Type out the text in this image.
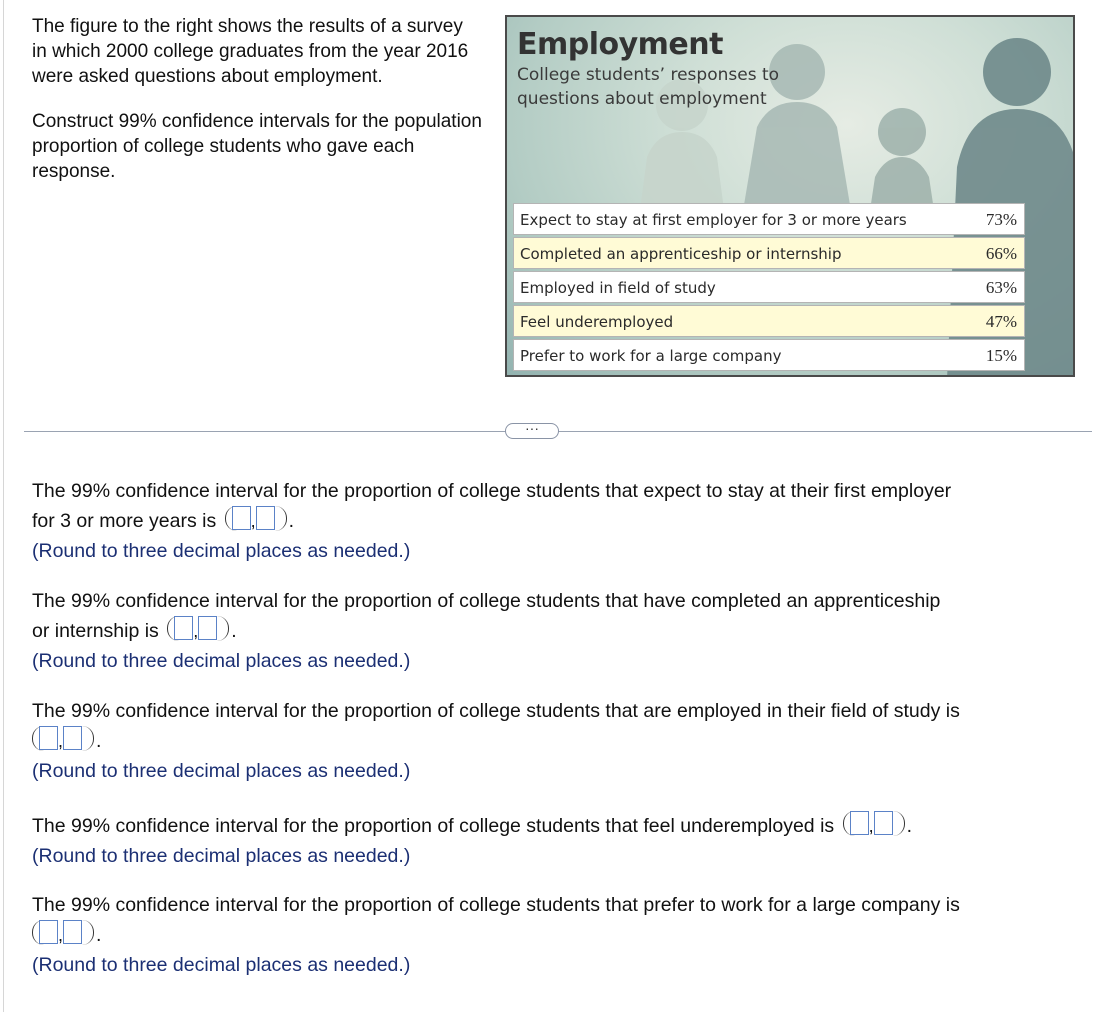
The figure to the right shows the results of a survey in which 2000 college graduates from the year 2016 were asked questions about employment.

Construct 99% confidence intervals for the population proportion of college students who gave each response.

Employment

College students’ responses to questions about employment

Expect to stay at first employer for 3 or more years	73%
Completed an apprenticeship or internship	66%
Employed in field of study	63%
Feel underemployed	47%
Prefer to work for a large company	15%
···
The 99% confidence interval for the proportion of college students that expect to stay at their first employer
for 3 or more years is , .
(Round to three decimal places as needed.)
The 99% confidence interval for the proportion of college students that have completed an apprenticeship
or internship is , .
(Round to three decimal places as needed.)
The 99% confidence interval for the proportion of college students that are employed in their field of study is
, .
(Round to three decimal places as needed.)
The 99% confidence interval for the proportion of college students that feel underemployed is , .
(Round to three decimal places as needed.)
The 99% confidence interval for the proportion of college students that prefer to work for a large company is
, .
(Round to three decimal places as needed.)
